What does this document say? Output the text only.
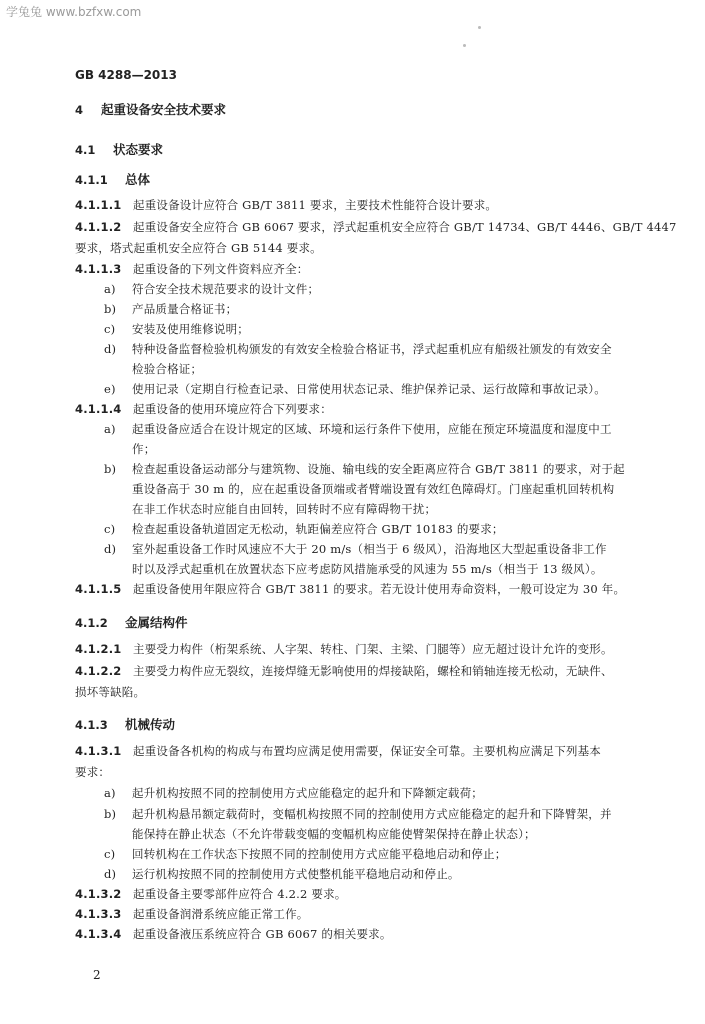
学兔兔 www.bzfxw.com
GB 4288—2013
4 起重设备安全技术要求
4.1 状态要求
4.1.1 总体
4.1.1.1 起重设备设计应符合 GB/T 3811 要求，主要技术性能符合设计要求。
4.1.1.2 起重设备安全应符合 GB 6067 要求，浮式起重机安全应符合 GB/T 14734、GB/T 4446、GB/T 4447
要求，塔式起重机安全应符合 GB 5144 要求。
4.1.1.3 起重设备的下列文件资料应齐全：
a) 符合安全技术规范要求的设计文件；
b) 产品质量合格证书；
c) 安装及使用维修说明；
d) 特种设备监督检验机构颁发的有效安全检验合格证书，浮式起重机应有船级社颁发的有效安全
检验合格证；
e) 使用记录（定期自行检查记录、日常使用状态记录、维护保养记录、运行故障和事故记录）。
4.1.1.4 起重设备的使用环境应符合下列要求：
a) 起重设备应适合在设计规定的区域、环境和运行条件下使用，应能在预定环境温度和湿度中工
作；
b) 检查起重设备运动部分与建筑物、设施、输电线的安全距离应符合 GB/T 3811 的要求，对于起
重设备高于 30 m 的，应在起重设备顶端或者臂端设置有效红色障碍灯。门座起重机回转机构
在非工作状态时应能自由回转，回转时不应有障碍物干扰；
c) 检查起重设备轨道固定无松动，轨距偏差应符合 GB/T 10183 的要求；
d) 室外起重设备工作时风速应不大于 20 m/s（相当于 6 级风），沿海地区大型起重设备非工作
时以及浮式起重机在放置状态下应考虑防风措施承受的风速为 55 m/s（相当于 13 级风）。
4.1.1.5 起重设备使用年限应符合 GB/T 3811 的要求。若无设计使用寿命资料，一般可设定为 30 年。
4.1.2 金属结构件
4.1.2.1 主要受力构件（桁架系统、人字架、转柱、门架、主梁、门腿等）应无超过设计允许的变形。
4.1.2.2 主要受力构件应无裂纹，连接焊缝无影响使用的焊接缺陷，螺栓和销轴连接无松动，无缺件、
损坏等缺陷。
4.1.3 机械传动
4.1.3.1 起重设备各机构的构成与布置均应满足使用需要，保证安全可靠。主要机构应满足下列基本
要求：
a) 起升机构按照不同的控制使用方式应能稳定的起升和下降额定载荷；
b) 起升机构悬吊额定载荷时，变幅机构按照不同的控制使用方式应能稳定的起升和下降臂架，并
能保持在静止状态（不允许带载变幅的变幅机构应能使臂架保持在静止状态）；
c) 回转机构在工作状态下按照不同的控制使用方式应能平稳地启动和停止；
d) 运行机构按照不同的控制使用方式使整机能平稳地启动和停止。
4.1.3.2 起重设备主要零部件应符合 4.2.2 要求。
4.1.3.3 起重设备润滑系统应能正常工作。
4.1.3.4 起重设备液压系统应符合 GB 6067 的相关要求。
2
